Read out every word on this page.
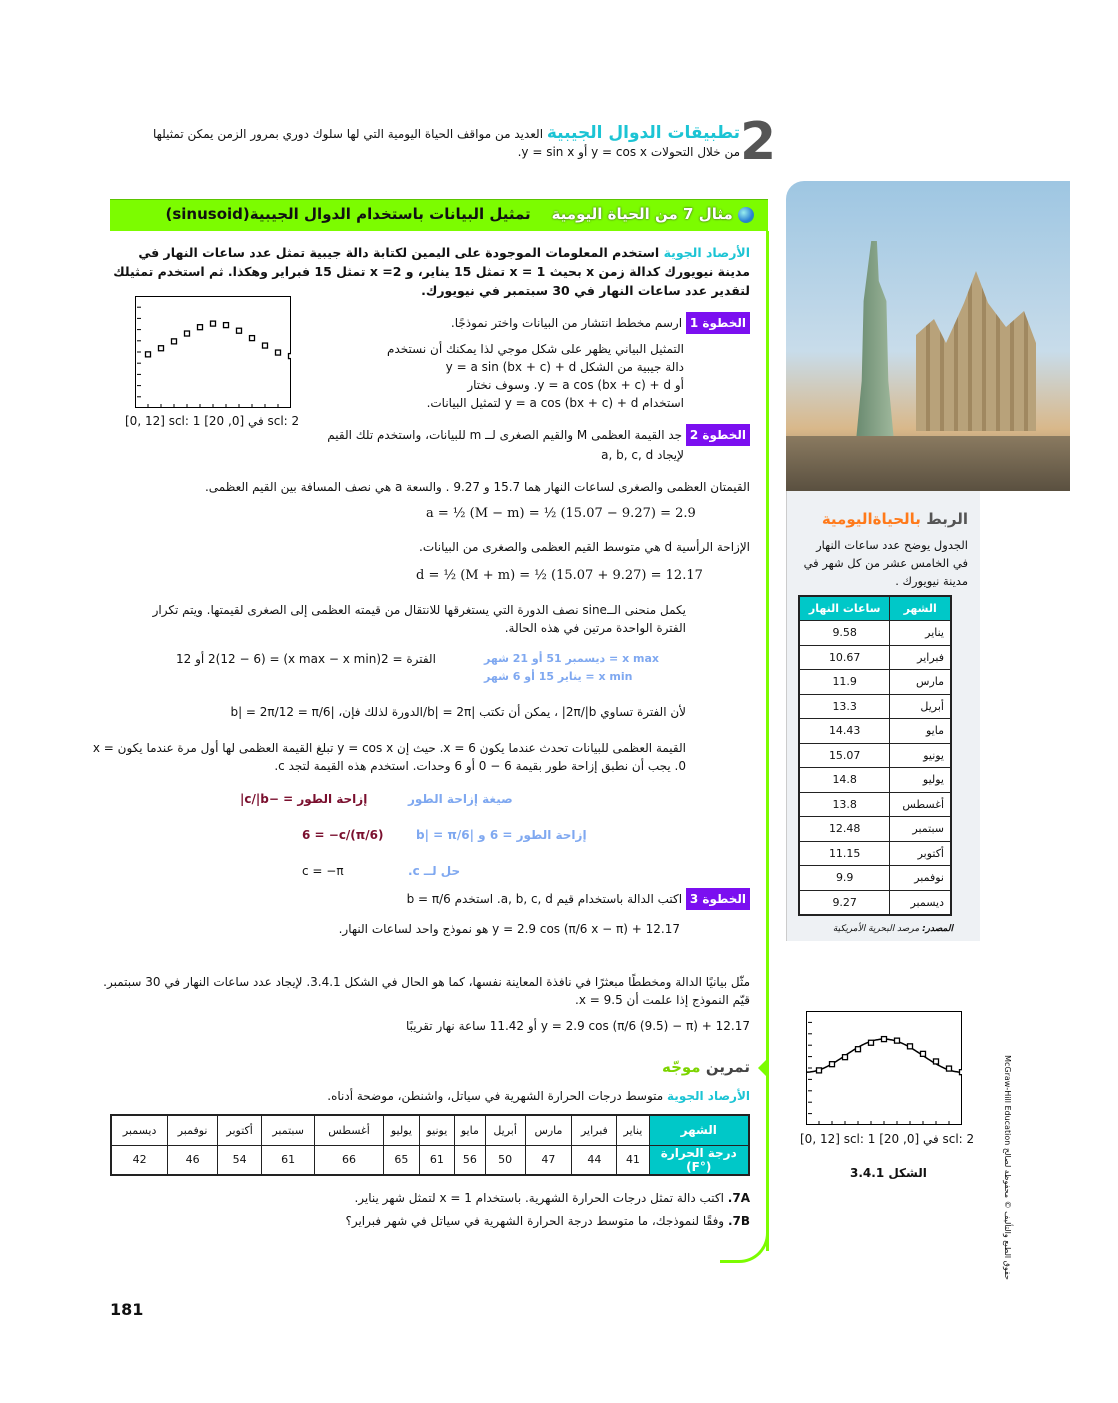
2
تطبيقات الدوال الجيبية العديد من مواقف الحياة اليومية التي لها سلوك دوري بمرور الزمن يمكن تمثيلها
من خلال التحولات y = cos x أو y = sin x.
مثال 7 من الحياة اليومية    تمثيل البيانات باستخدام الدوال الجيبية(sinusoid)
الأرصاد الجوية استخدم المعلومات الموجودة على اليمين لكتابة دالة جيبية تمثل عدد ساعات النهار في مدينة نيويورك كدالة زمن x بحيث x = 1 تمثل 15 يناير، و x =2 تمثل 15 فبراير وهكذا. ثم استخدم تمثيلك لتقدير عدد ساعات النهار في 30 سبتمبر في نيويورك.
[0, 12] scl: 1 في [0, 20] scl: 2
الخطوة 1 ارسم مخطط انتشار من البيانات واختر نموذجًا.
التمثيل البياني يظهر على شكل موجي لذا يمكنك أن نستخدم
دالة جيبية من الشكل y = a sin (bx + c) + d
أو y = a cos (bx + c) + d. وسوف نختار
استخدام y = a cos (bx + c) + d لتمثيل البيانات.
الخطوة 2 جد القيمة العظمى M والقيم الصغرى لــ m للبيانات، واستخدم تلك القيم
لإيجاد a, b, c, d
القيمتان العظمى والصغرى لساعات النهار هما 15.7 و 9.27 . والسعة a هي نصف المسافة بين القيم العظمى.
a = ½ (M − m) = ½ (15.07 − 9.27) = 2.9
الإزاحة الرأسية d هي متوسط القيم العظمى والصغرى من البيانات.
d = ½ (M + m) = ½ (15.07 + 9.27) = 12.17
يكمل منحنى الــsine نصف الدورة التي يستغرقها للانتقال من قيمته العظمى إلى الصغرى لقيمتها. ويتم تكرار الفترة الواحدة مرتين في هذه الحالة.
الفترة = 2(x max − x min) = 2(12 − 6) أو 12	x max = ديسمبر 51 أو 21 شهر
x min = يناير 15 أو 6 شهر
لأن الفترة تساوي 2π/|b| ، يمكن أن تكتب |b| = 2π/الدورة لذلك فإن، |b| = 2π/12 = π/6
القيمة العظمى للبيانات تحدث عندما يكون x = 6. حيث إن y = cos x تبلغ القيمة العظمى لها أول مرة عندما يكون x = 0. يجب أن نطبق إزاحة طور بقيمة 6 − 0 أو 6 وحدات. استخدم هذه القيمة لتجد c.
صيغة إزاحة الطور
إزاحة الطور = −c/|b|
إزاحة الطور = 6 و |b| = π/6
6 = −c/(π/6)
حل لــ c.
c = −π
الخطوة 3 اكتب الدالة باستخدام قيم a, b, c, d. استخدم b = π/6
y = 2.9 cos (π/6 x − π) + 12.17 هو نموذج واحد لساعات النهار.
مثّل بيانيًا الدالة ومخططًا مبعثرًا في نافذة المعاينة نفسها، كما هو الحال في الشكل 3.4.1. لإيجاد عدد ساعات النهار في 30 سبتمبر. قيّم النموذج إذا علمت أن x = 9.5.
y = 2.9 cos (π/6 (9.5) − π) + 12.17 أو 11.42 ساعة نهار تقريبًا
تمرين موجّه
الأرصاد الجوية متوسط درجات الحرارة الشهرية في سياتل، واشنطن، موضحة أدناه.
الشهر	يناير	فبراير	مارس	أبريل	مايو	يونيو	يوليو	أغسطس	سبتمبر	أكتوبر	نوفمبر	ديسمبر
درجة الحرارة (°F)	41	44	47	50	56	61	65	66	61	54	46	42
7A. اكتب دالة تمثل درجات الحرارة الشهرية. باستخدام x = 1 لتمثل شهر يناير.
7B. وفقًا لنموذجك، ما متوسط درجة الحرارة الشهرية في سياتل في شهر فبراير؟
الربط بالحياةاليومية
الجدول يوضح عدد ساعات النهار في الخامس عشر من كل شهر في مدينة نيويورك .
الشهر	ساعات النهار
يناير	9.58
فبراير	10.67
مارس	11.9
أبريل	13.3
مايو	14.43
يونيو	15.07
يوليو	14.8
أغسطس	13.8
سبتمبر	12.48
أكتوبر	11.15
نوفمبر	9.9
ديسمبر	9.27
المصدر: مرصد البحرية الأمريكية
[0, 12] scl: 1 في [0, 20] scl: 2
الشكل 3.4.1
حقوق الطبع والتأليف © محفوظة لصالح McGraw-Hill Education
181
